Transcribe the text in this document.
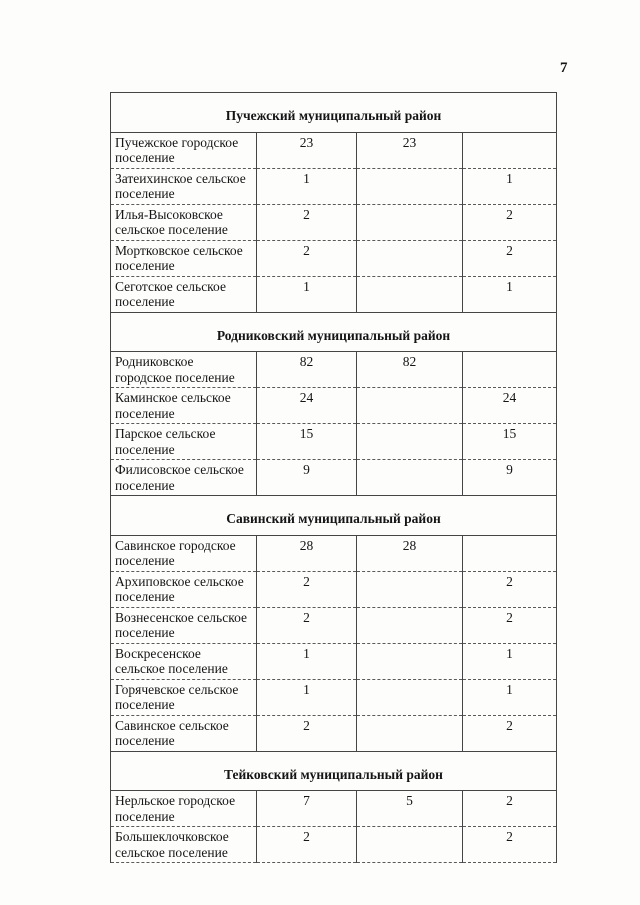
7
Пучежский муниципальный район			
Пучежское городское поселение	23	23	
Затеихинское сельское поселение	1		1
Илья-Высоковское сельское поселение	2		2
Мортковское сельское поселение	2		2
Сеготское сельское поселение	1		1
Родниковский муниципальный район			
Родниковское городское поселение	82	82	
Каминское сельское поселение	24		24
Парское сельское поселение	15		15
Филисовское сельское поселение	9		9
Савинский муниципальный район			
Савинское городское поселение	28	28	
Архиповское сельское поселение	2		2
Вознесенское сельское поселение	2		2
Воскресенское сельское поселение	1		1
Горячевское сельское поселение	1		1
Савинское сельское поселение	2		2
Тейковский муниципальный район			
Нерльское городское поселение	7	5	2
Большеклочковское сельское поселение	2		2
